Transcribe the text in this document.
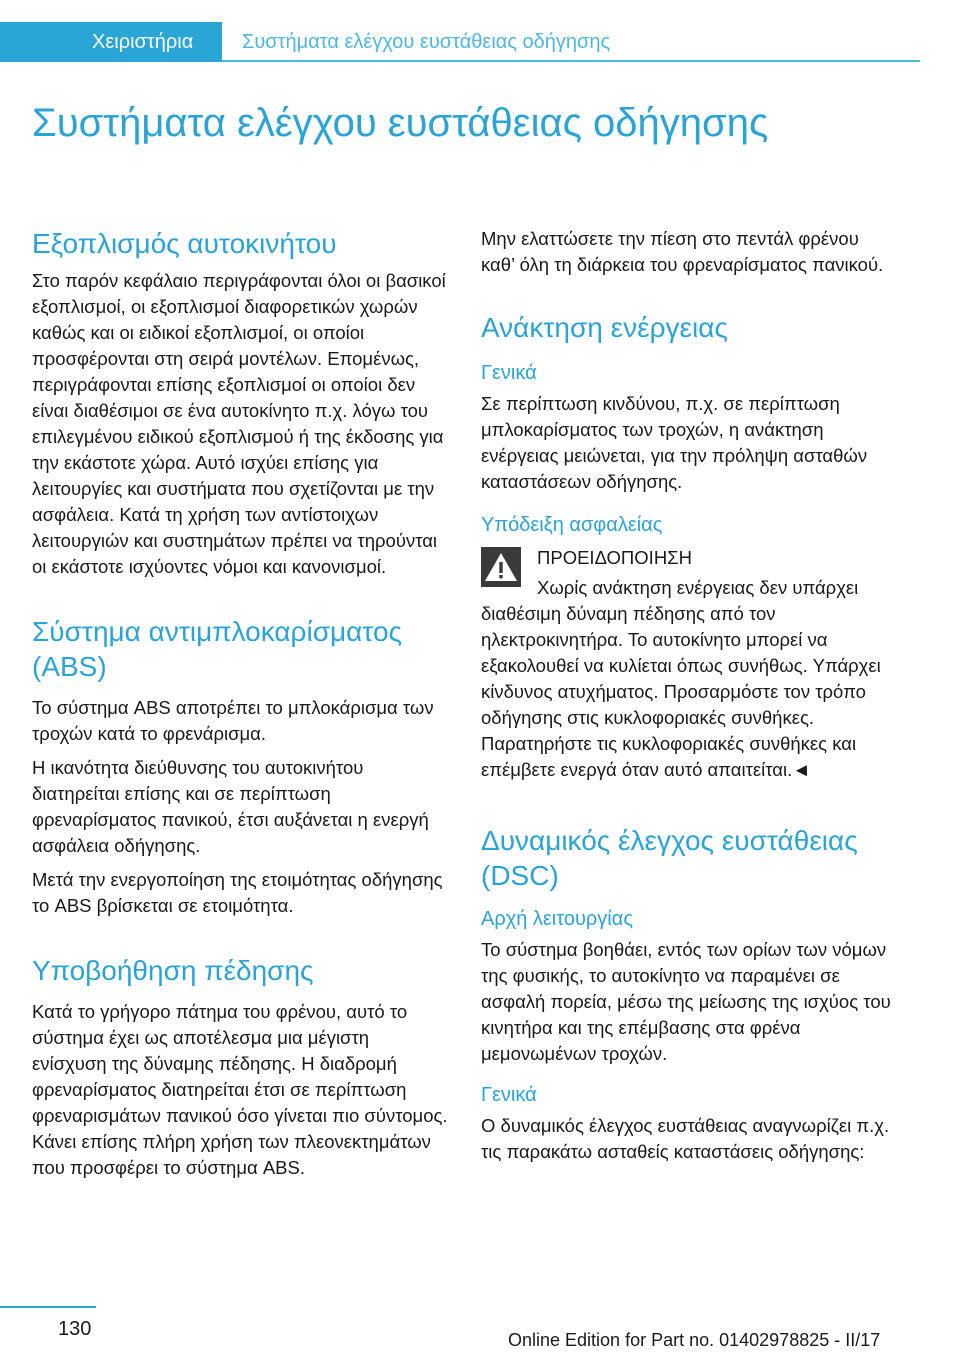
Χειριστήρια	Συστήματα ελέγχου ευστάθειας οδήγησης
Συστήματα ελέγχου ευστάθειας οδήγησης
Εξοπλισμός αυτοκινήτου

Στο παρόν κεφάλαιο περιγράφονται όλοι οι βασικοί εξοπλισμοί, οι εξοπλισμοί διαφορετικών χωρών καθώς και οι ειδικοί εξοπλισμοί, οι οποίοι προσφέρονται στη σειρά μοντέλων. Επομένως, περιγράφονται επίσης εξοπλισμοί οι οποίοι δεν είναι διαθέσιμοι σε ένα αυτοκίνητο π.χ. λόγω του επιλεγμένου ειδικού εξοπλισμού ή της έκδοσης για την εκάστοτε χώρα. Αυτό ισχύει επίσης για λειτουργίες και συστήματα που σχετίζονται με την ασφάλεια. Κατά τη χρήση των αντίστοιχων λειτουργιών και συστημάτων πρέπει να τηρούνται οι εκάστοτε ισχύοντες νόμοι και κανονισμοί.

Σύστημα αντιμπλοκαρίσματος (ABS)

Το σύστημα ABS αποτρέπει το μπλοκάρισμα των τροχών κατά το φρενάρισμα.

Η ικανότητα διεύθυνσης του αυτοκινήτου διατηρείται επίσης και σε περίπτωση φρεναρίσματος πανικού, έτσι αυξάνεται η ενεργή ασφάλεια οδήγησης.

Μετά την ενεργοποίηση της ετοιμότητας οδήγησης το ABS βρίσκεται σε ετοιμότητα.

Υποβοήθηση πέδησης

Κατά το γρήγορο πάτημα του φρένου, αυτό το σύστημα έχει ως αποτέλεσμα μια μέγιστη ενίσχυση της δύναμης πέδησης. Η διαδρομή φρεναρίσματος διατηρείται έτσι σε περίπτωση φρεναρισμάτων πανικού όσο γίνεται πιο σύντομος. Κάνει επίσης πλήρη χρήση των πλεονεκτημάτων που προσφέρει το σύστημα ABS.

Μην ελαττώσετε την πίεση στο πεντάλ φρένου καθ’ όλη τη διάρκεια του φρεναρίσματος πανικού.

Ανάκτηση ενέργειας
Γενικά

Σε περίπτωση κινδύνου, π.χ. σε περίπτωση μπλοκαρίσματος των τροχών, η ανάκτηση ενέργειας μειώνεται, για την πρόληψη ασταθών καταστάσεων οδήγησης.

Υπόδειξη ασφαλείας

ΠΡΟΕΙΔΟΠΟΙΗΣΗ

Χωρίς ανάκτηση ενέργειας δεν υπάρχει

διαθέσιμη δύναμη πέδησης από τον ηλεκτροκινητήρα. Το αυτοκίνητο μπορεί να εξακολουθεί να κυλίεται όπως συνήθως. Υπάρχει κίνδυνος ατυχήματος. Προσαρμόστε τον τρόπο οδήγησης στις κυκλοφοριακές συνθήκες. Παρατηρήστε τις κυκλοφοριακές συνθήκες και επέμβετε ενεργά όταν αυτό απαιτείται.◄

Δυναμικός έλεγχος ευστάθειας (DSC)
Αρχή λειτουργίας

Το σύστημα βοηθάει, εντός των ορίων των νόμων της φυσικής, το αυτοκίνητο να παραμένει σε ασφαλή πορεία, μέσω της μείωσης της ισχύος του κινητήρα και της επέμβασης στα φρένα μεμονωμένων τροχών.

Γενικά

Ο δυναμικός έλεγχος ευστάθειας αναγνωρίζει π.χ. τις παρακάτω ασταθείς καταστάσεις οδήγησης:

130	Online Edition for Part no. 01402978825 - II/17
